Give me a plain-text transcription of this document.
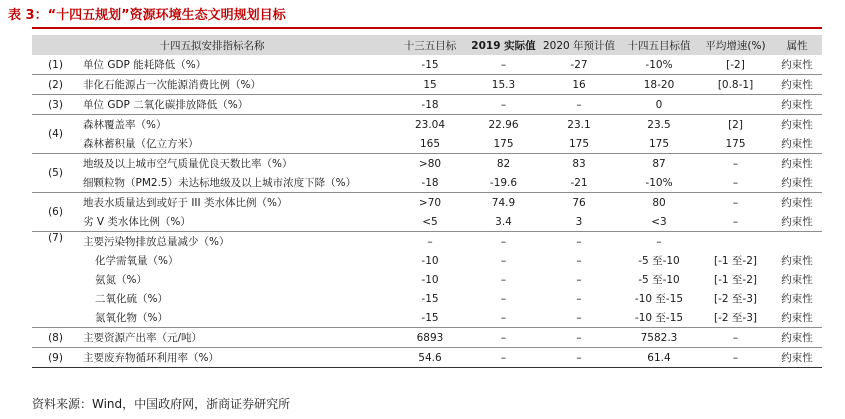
表 3：“十四五规划”资源环境生态文明规划目标
十四五拟安排指标名称		十三五目标	2019 实际值	2020 年预计值	十四五目标值	平均增速(%)	属性
(1)	单位 GDP 能耗降低（%）	-15	–	-27	-10%	[-2]	约束性
(2)	非化石能源占一次能源消费比例（%）	15	15.3	16	18-20	[0.8-1]	约束性
(3)	单位 GDP 二氧化碳排放降低（%）	-18	–	–	0		约束性
(4)	森林覆盖率（%）	23.04	22.96	23.1	23.5	[2]	约束性
	森林蓄积量（亿立方米）	165	175	175	175	175	约束性
(5)	地级及以上城市空气质量优良天数比率（%）	>80	82	83	87	–	约束性
	细颗粒物（PM2.5）未达标地级及以上城市浓度下降（%）	-18	-19.6	-21	-10%	–	约束性
(6)	地表水质量达到或好于 III 类水体比例（%）	>70	74.9	76	80	–	约束性
	劣 V 类水体比例（%）	<5	3.4	3	<3	–	约束性
(7)	主要污染物排放总量减少（%）	–	–	–	–		
	化学需氧量（%）	-10	–	–	-5 至-10	[-1 至-2]	约束性
	氨氮（%）	-10	–	–	-5 至-10	[-1 至-2]	约束性
	二氧化硫（%）	-15	–	–	-10 至-15	[-2 至-3]	约束性
	氮氧化物（%）	-15	–	–	-10 至-15	[-2 至-3]	约束性
(8)	主要资源产出率（元/吨）	6893	–	–	7582.3	–	约束性
(9)	主要废弃物循环利用率（%）	54.6	–	–	61.4	–	约束性
资料来源：Wind，中国政府网，浙商证券研究所
